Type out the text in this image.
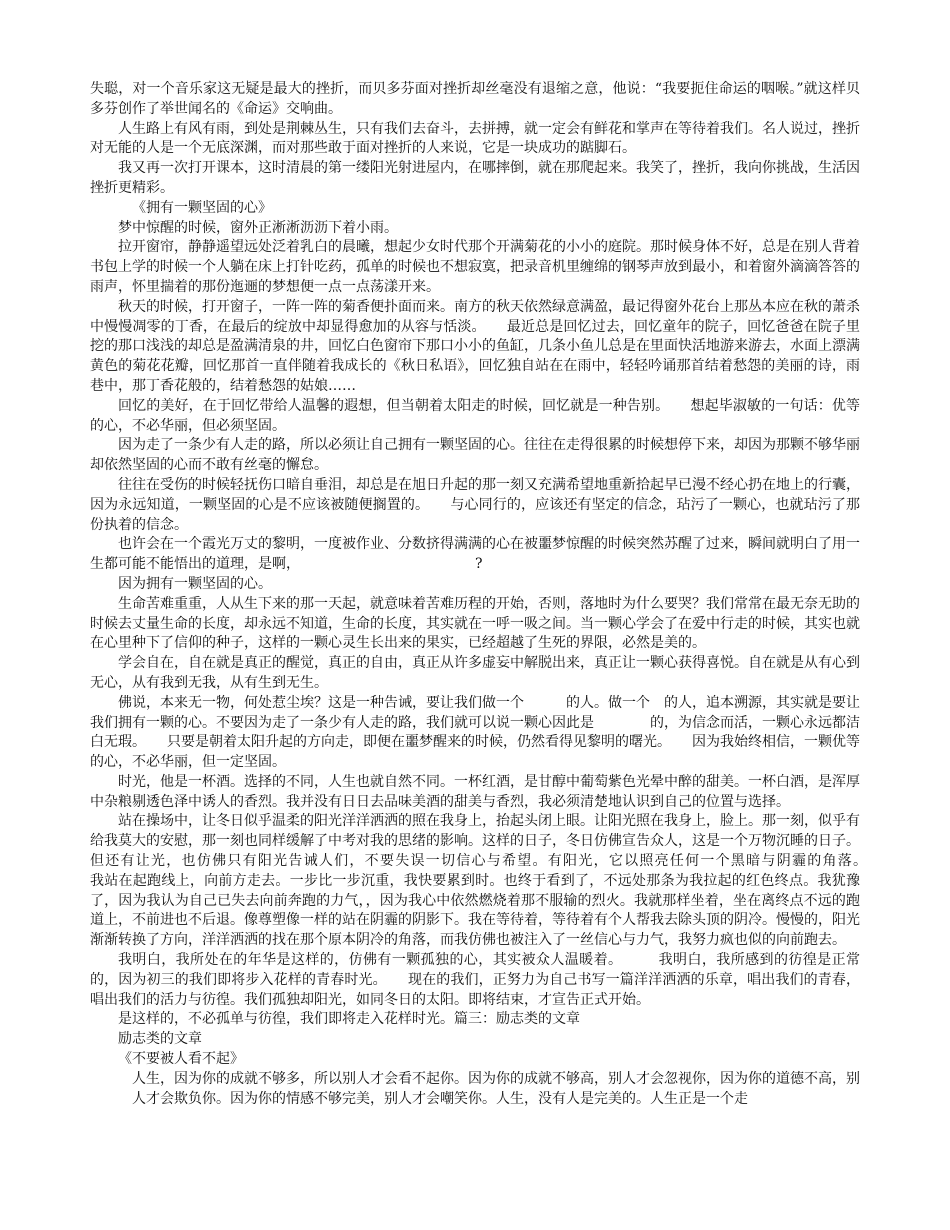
失聪，对一个音乐家这无疑是最大的挫折，而贝多芬面对挫折却丝毫没有退缩之意，他说：“我要扼住命运的咽喉。”就这样贝多芬创作了举世闻名的《命运》交响曲。

人生路上有风有雨，到处是荆棘丛生，只有我们去奋斗，去拼搏，就一定会有鲜花和掌声在等待着我们。名人说过，挫折对无能的人是一个无底深渊，而对那些敢于面对挫折的人来说，它是一块成功的踮脚石。

我又再一次打开课本，这时清晨的第一缕阳光射进屋内，在哪摔倒，就在那爬起来。我笑了，挫折，我向你挑战，生活因挫折更精彩。

《拥有一颗坚固的心》

梦中惊醒的时候，窗外正淅淅沥沥下着小雨。

拉开窗帘，静静遥望远处泛着乳白的晨曦，想起少女时代那个开满菊花的小小的庭院。那时候身体不好，总是在别人背着书包上学的时候一个人躺在床上打针吃药，孤单的时候也不想寂寞，把录音机里缠绵的钢琴声放到最小，和着窗外滴滴答答的雨声，怀里揣着的那份迤逦的梦想便一点一点荡漾开来。

秋天的时候，打开窗子，一阵一阵的菊香便扑面而来。南方的秋天依然绿意满盈，最记得窗外花台上那丛本应在秋的萧杀中慢慢凋零的丁香，在最后的绽放中却显得愈加的从容与恬淡。　　最近总是回忆过去，回忆童年的院子，回忆爸爸在院子里挖的那口浅浅的却总是盈满清泉的井，回忆白色窗帘下那口小小的鱼缸，几条小鱼儿总是在里面快活地游来游去，水面上漂满黄色的菊花花瓣，回忆那首一直伴随着我成长的《秋日私语》，回忆独自站在在雨中，轻轻吟诵那首结着愁怨的美丽的诗，雨巷中，那丁香花般的，结着愁怨的姑娘……

回忆的美好，在于回忆带给人温馨的遐想，但当朝着太阳走的时候，回忆就是一种告别。　　想起毕淑敏的一句话：优等的心，不必华丽，但必须坚固。

因为走了一条少有人走的路，所以必须让自己拥有一颗坚固的心。往往在走得很累的时候想停下来，却因为那颗不够华丽却依然坚固的心而不敢有丝毫的懈怠。

往往在受伤的时候轻抚伤口暗自垂泪，却总是在旭日升起的那一刻又充满希望地重新拾起早已漫不经心扔在地上的行囊，因为永远知道，一颗坚固的心是不应该被随便搁置的。　　与心同行的，应该还有坚定的信念，玷污了一颗心，也就玷污了那份执着的信念。

也许会在一个霞光万丈的黎明，一度被作业、分数挤得满满的心在被噩梦惊醒的时候突然苏醒了过来，瞬间就明白了用一生都可能不能悟出的道理，是啊，　　　　　　　　　　　　　?

因为拥有一颗坚固的心。

生命苦难重重，人从生下来的那一天起，就意味着苦难历程的开始，否则，落地时为什么要哭？我们常常在最无奈无助的时候去丈量生命的长度，却永远不知道，生命的长度，其实就在一呼一吸之间。当一颗心学会了在爱中行走的时候，其实也就在心里种下了信仰的种子，这样的一颗心灵生长出来的果实，已经超越了生死的界限，必然是美的。

学会自在，自在就是真正的醒觉，真正的自由，真正从许多虚妄中解脱出来，真正让一颗心获得喜悦。自在就是从有心到无心，从有我到无我，从有生到无生。

佛说，本来无一物，何处惹尘埃？这是一种告诫，要让我们做一个　　　的人。做一个　的人，追本溯源，其实就是要让我们拥有一颗的心。不要因为走了一条少有人走的路，我们就可以说一颗心因此是　　　　的，为信念而活，一颗心永远都洁白无瑕。　　只要是朝着太阳升起的方向走，即便在噩梦醒来的时候，仍然看得见黎明的曙光。　　因为我始终相信，一颗优等的心，不必华丽，但一定坚固。

时光，他是一杯酒。选择的不同，人生也就自然不同。一杯红酒，是甘醇中葡萄紫色光晕中醉的甜美。一杯白酒，是浑厚中杂粮剔透色泽中诱人的香烈。我并没有日日去品味美酒的甜美与香烈，我必须清楚地认识到自己的位置与选择。

站在操场中，让冬日似乎温柔的阳光洋洋洒洒的照在我身上，抬起头闭上眼。让阳光照在我身上，脸上。那一刻，似乎有给我莫大的安慰，那一刻也同样缓解了中考对我的思绪的影响。这样的日子，冬日仿佛宣告众人，这是一个万物沉睡的日子。但还有让光，也仿佛只有阳光告诫人们，不要失误一切信心与希望。有阳光，它以照亮任何一个黑暗与阴霾的角落。　　　　我站在起跑线上，向前方走去。一步比一步沉重，我快要累到时。也终于看到了，不远处那条为我拉起的红色终点。我犹豫了，因为我认为自己已失去向前奔跑的力气，，因为我心中依然燃烧着那不服输的烈火。我就那样坐着，坐在离终点不远的跑道上，不前进也不后退。像尊塑像一样的站在阴霾的阴影下。我在等待着，等待着有个人帮我去除头顶的阴冷。慢慢的，阳光渐渐转换了方向，洋洋洒洒的找在那个原本阴冷的角落，而我仿佛也被注入了一丝信心与力气，我努力疯也似的向前跑去。

我明白，我所处在的年华是这样的，仿佛有一颗孤独的心，其实被众人温暖着。　　　我明白，我所感到的彷徨是正常的，因为初三的我们即将步入花样的青春时光。　　现在的我们，正努力为自己书写一篇洋洋洒洒的乐章，唱出我们的青春，唱出我们的活力与彷徨。我们孤独却阳光，如同冬日的太阳。即将结束，才宣告正式开始。

是这样的，不必孤单与彷徨，我们即将走入花样时光。篇三：励志类的文章

励志类的文章

《不要被人看不起》

人生，因为你的成就不够多，所以别人才会看不起你。因为你的成就不够高，别人才会忽视你，因为你的道德不高，别人才会欺负你。因为你的情感不够完美，别人才会嘲笑你。人生，没有人是完美的。人生正是一个走
